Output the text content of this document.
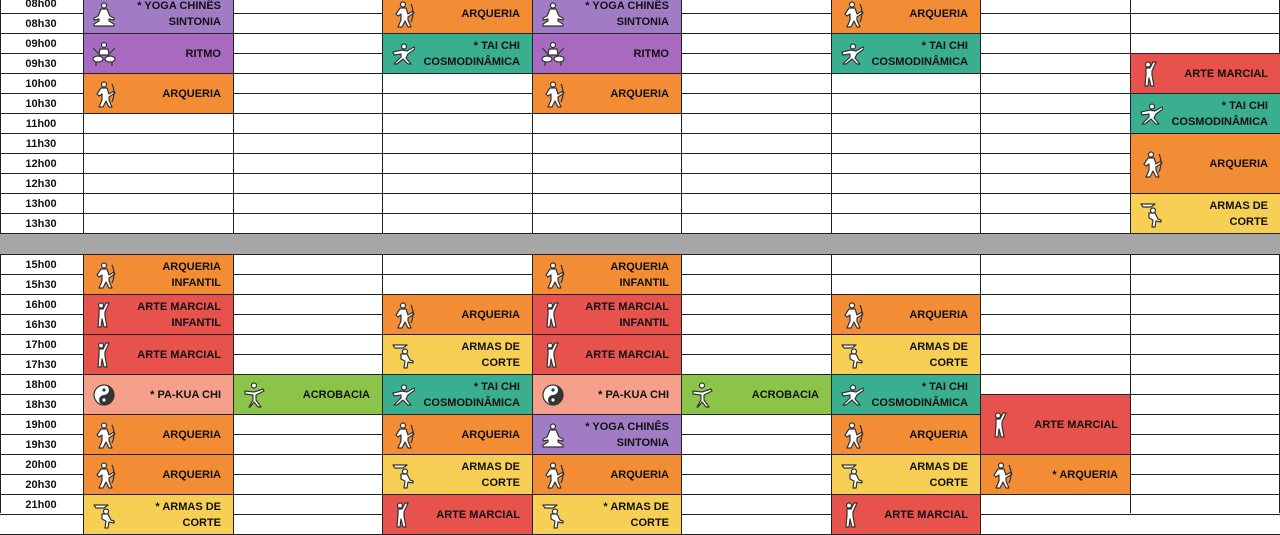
08h00
08h30
09h00
09h30
10h00
10h30
11h00
11h30
12h00
12h30
13h00
13h30
15h00
15h30
16h00
16h30
17h00
17h30
18h00
18h30
19h00
19h30
20h00
20h30
21h00
* YOGA CHINÊS
SINTONIA
RITMO
ARQUERIA
ARQUERIA
INFANTIL
ARTE MARCIAL
INFANTIL
ARTE MARCIAL
* PA-KUA CHI
ARQUERIA
ARQUERIA
* ARMAS DE
CORTE
ACROBACIA
ARQUERIA
* TAI CHI
COSMODINÂMICA
ARQUERIA
ARMAS DE
CORTE
* TAI CHI
COSMODINÂMICA
ARQUERIA
ARMAS DE
CORTE
ARTE MARCIAL
* YOGA CHINÊS
SINTONIA
RITMO
ARQUERIA
ARQUERIA
INFANTIL
ARTE MARCIAL
INFANTIL
ARTE MARCIAL
* PA-KUA CHI
* YOGA CHINÊS
SINTONIA
ARQUERIA
* ARMAS DE
CORTE
ACROBACIA
ARQUERIA
* TAI CHI
COSMODINÂMICA
ARQUERIA
ARMAS DE
CORTE
* TAI CHI
COSMODINÂMICA
ARQUERIA
ARMAS DE
CORTE
ARTE MARCIAL
ARTE MARCIAL
* ARQUERIA
ARTE MARCIAL
* TAI CHI
COSMODINÂMICA
ARQUERIA
ARMAS DE
CORTE
